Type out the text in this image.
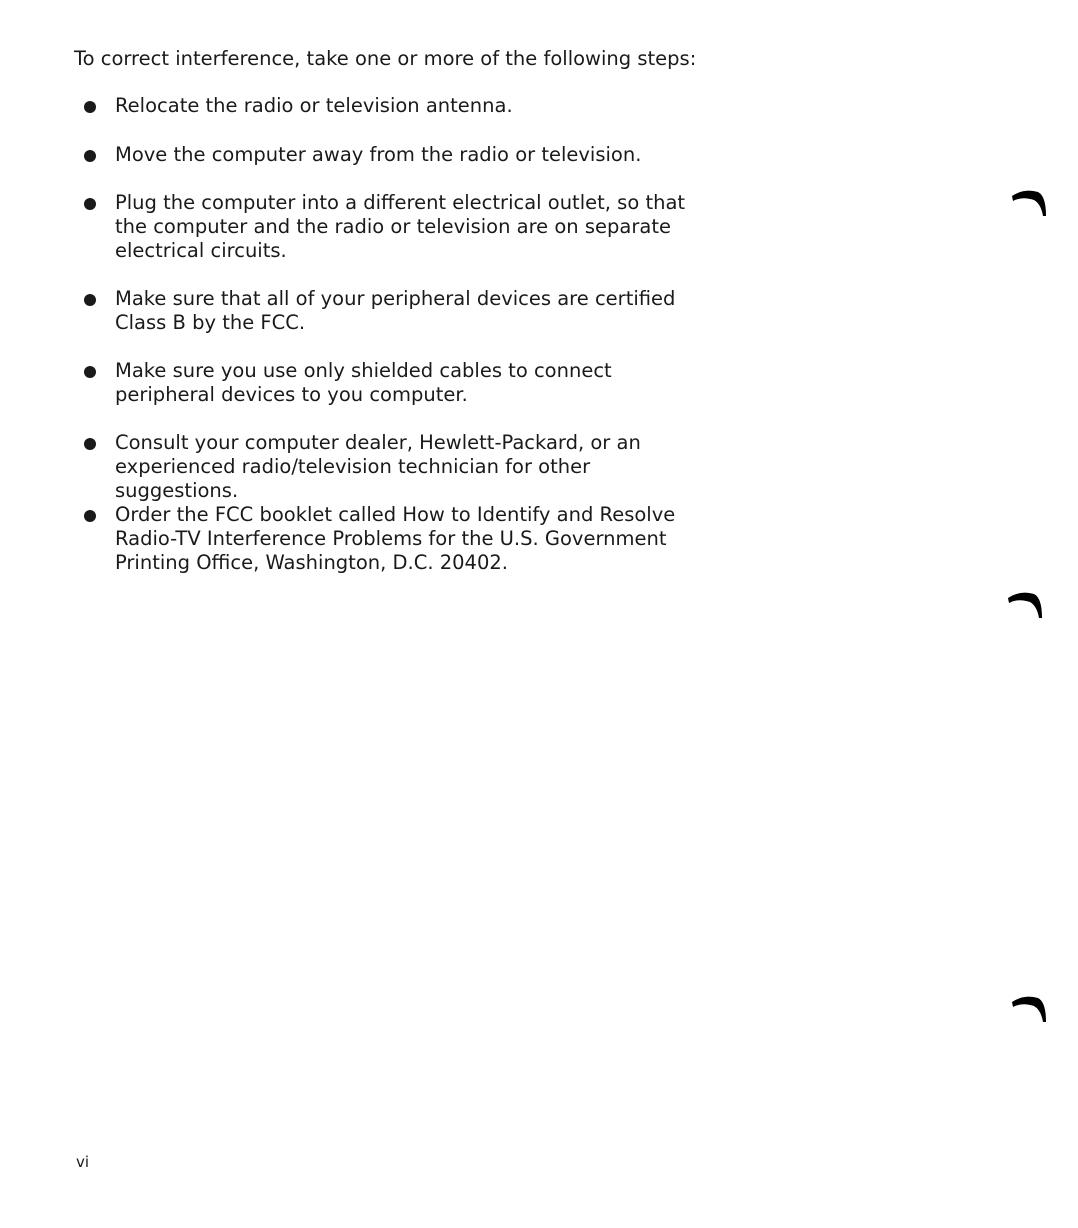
To correct interference, take one or more of the following steps:

Relocate the radio or television antenna.

Move the computer away from the radio or television.

Plug the computer into a different electrical outlet, so that the computer and the radio or television are on separate electrical circuits.

Make sure that all of your peripheral devices are certified Class B by the FCC.

Make sure you use only shielded cables to connect peripheral devices to you computer.

Consult your computer dealer, Hewlett-Packard, or an experienced radio/television technician for other suggestions.

Order the FCC booklet called How to Identify and Resolve Radio-TV Interference Problems for the U.S. Government Printing Office, Washington, D.C. 20402.

vi
